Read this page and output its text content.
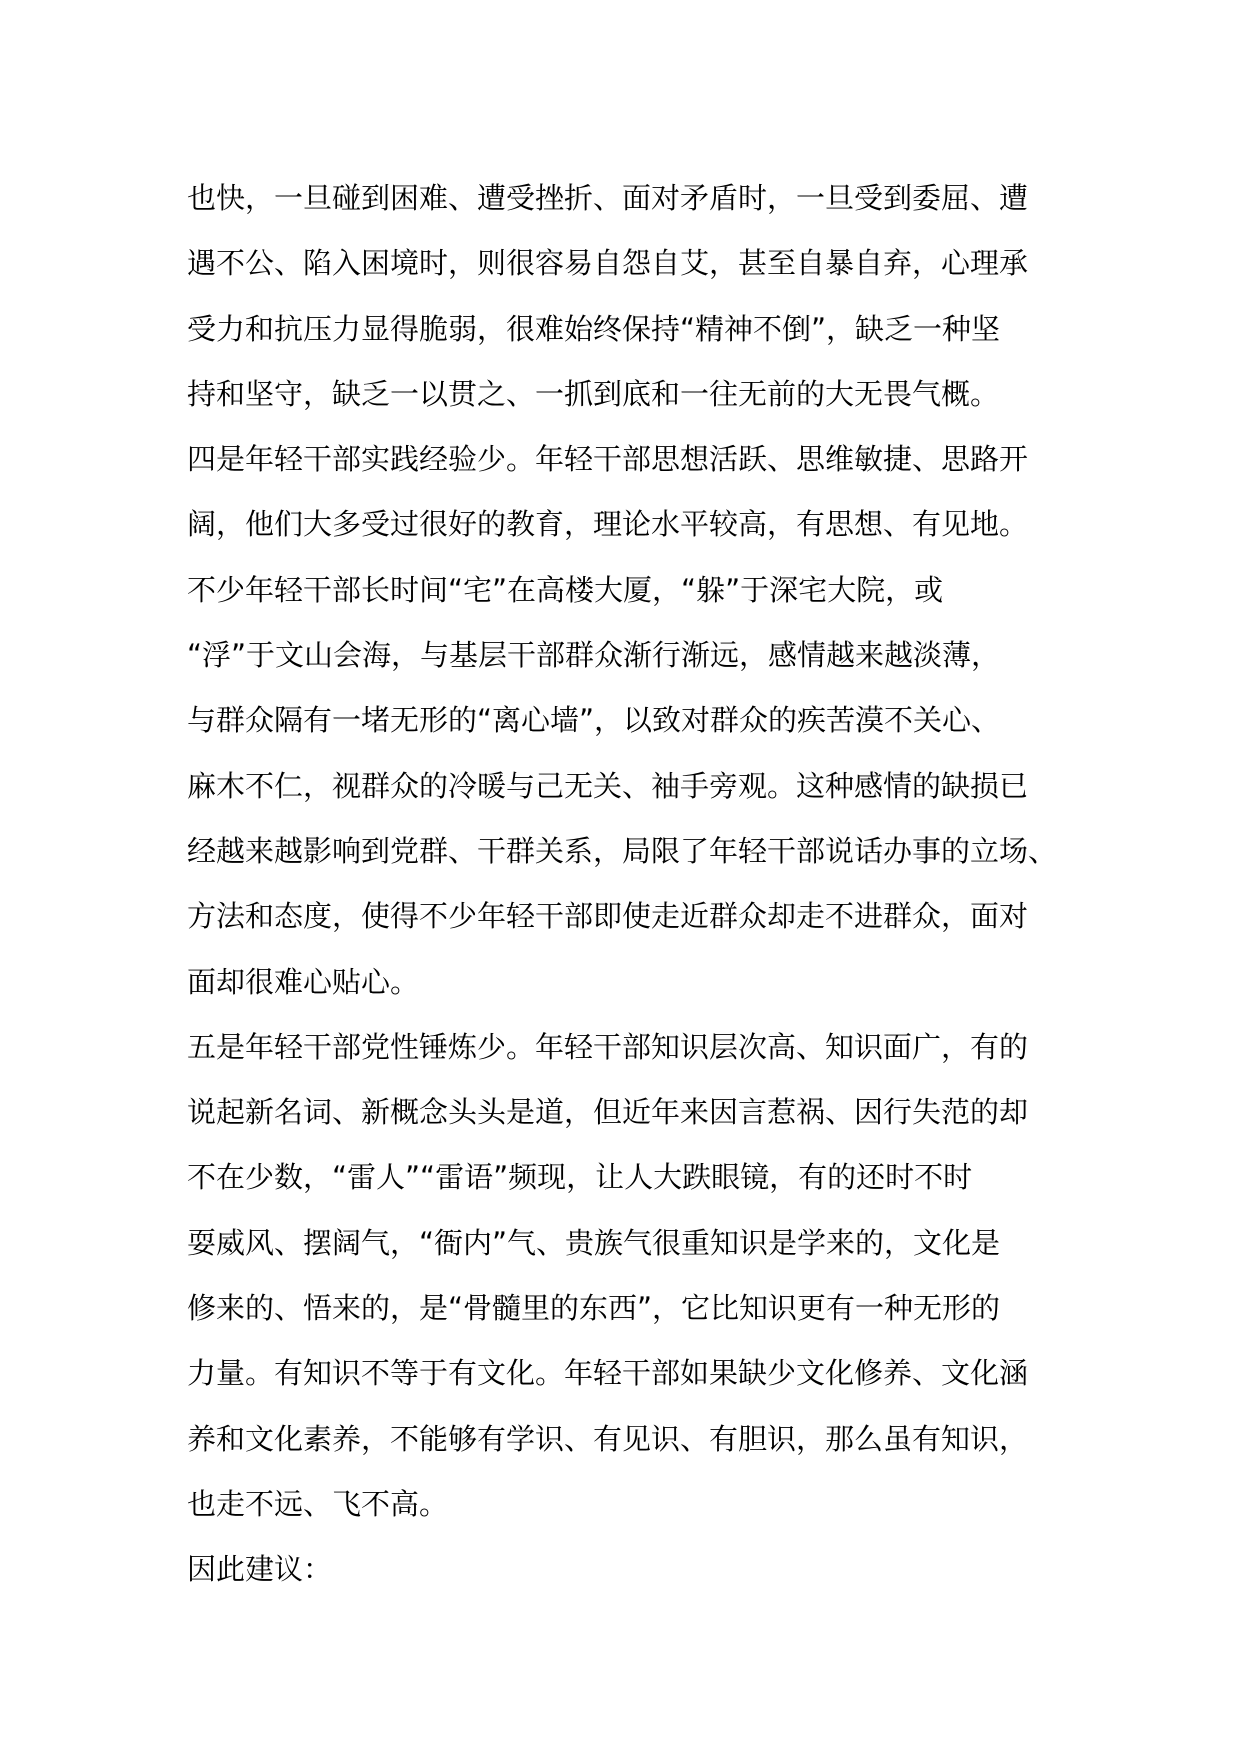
也快，一旦碰到困难、遭受挫折、面对矛盾时，一旦受到委屈、遭
遇不公、陷入困境时，则很容易自怨自艾，甚至自暴自弃，心理承
受力和抗压力显得脆弱，很难始终保持“精神不倒”，缺乏一种坚
持和坚守，缺乏一以贯之、一抓到底和一往无前的大无畏气概。
四是年轻干部实践经验少。年轻干部思想活跃、思维敏捷、思路开
阔，他们大多受过很好的教育，理论水平较高，有思想、有见地。
不少年轻干部长时间“宅”在高楼大厦，“躲”于深宅大院，或
“浮”于文山会海，与基层干部群众渐行渐远，感情越来越淡薄，
与群众隔有一堵无形的“离心墙”，以致对群众的疾苦漠不关心、
麻木不仁，视群众的冷暖与己无关、袖手旁观。这种感情的缺损已
经越来越影响到党群、干群关系，局限了年轻干部说话办事的立场、
方法和态度，使得不少年轻干部即使走近群众却走不进群众，面对
面却很难心贴心。
五是年轻干部党性锤炼少。年轻干部知识层次高、知识面广，有的
说起新名词、新概念头头是道，但近年来因言惹祸、因行失范的却
不在少数，“雷人”“雷语”频现，让人大跌眼镜，有的还时不时
耍威风、摆阔气，“衙内”气、贵族气很重知识是学来的，文化是
修来的、悟来的，是“骨髓里的东西”，它比知识更有一种无形的
力量。有知识不等于有文化。年轻干部如果缺少文化修养、文化涵
养和文化素养，不能够有学识、有见识、有胆识，那么虽有知识，
也走不远、飞不高。
因此建议：
